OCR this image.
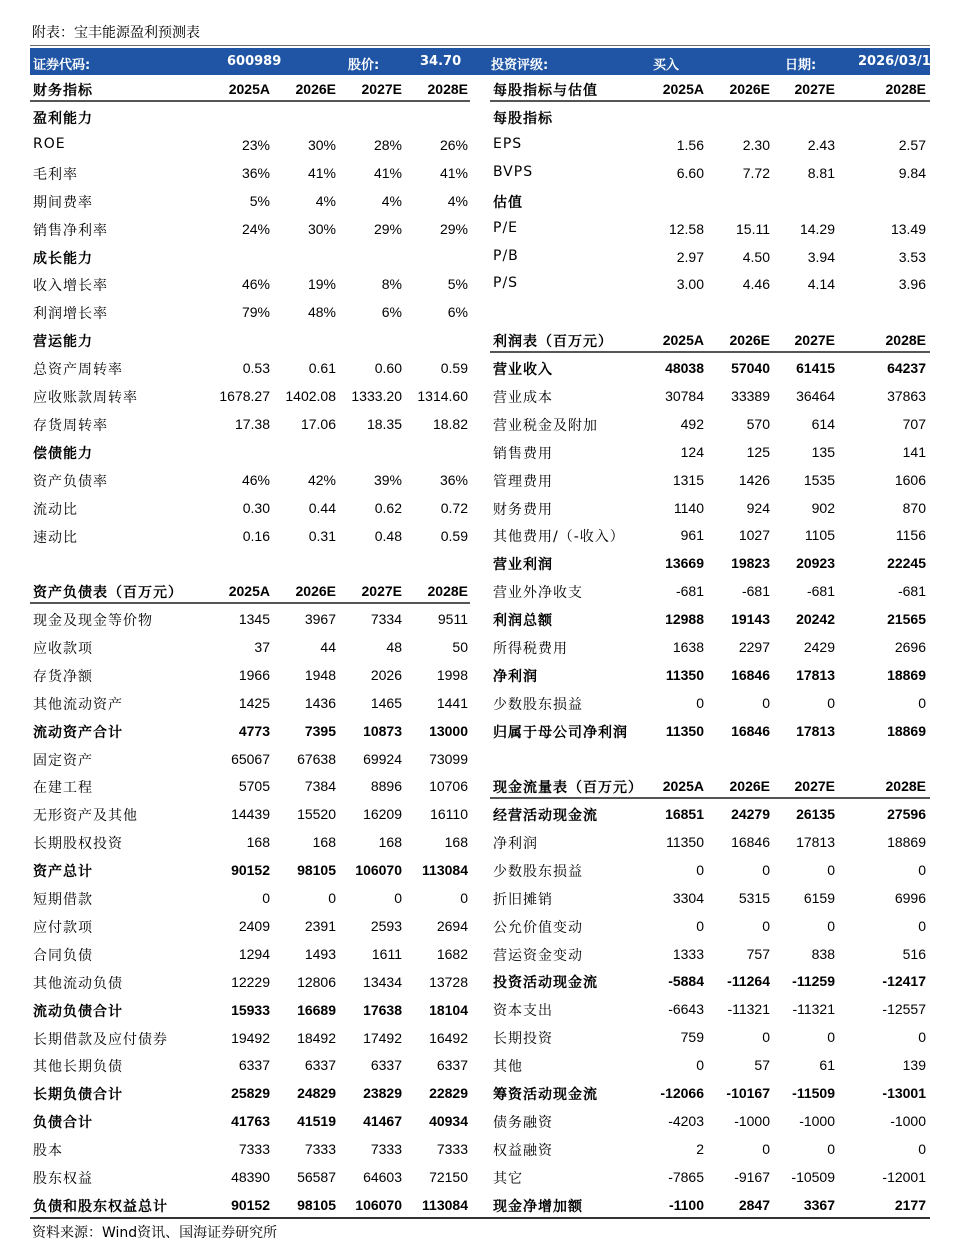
附表：宝丰能源盈利预测表
证券代码:	600989	股价:	34.70 投资评级:	买入	日期:	2026/03/13
财务指标	2025A 2026E 2027E 2028E
盈利能力
ROE	23%	30%	28%	26%
毛利率	36%	41%	41%	41%
期间费率	5%	4%	4%	4%
销售净利率	24%	30%	29%	29%
成长能力
收入增长率	46%	19%	8%	5%
利润增长率	79%	48%	6%	6%
营运能力
总资产周转率	0.53	0.61	0.60	0.59
应收账款周转率	1678.27 1402.08 1333.20 1314.60
存货周转率	17.38 17.06 18.35 18.82
偿债能力
资产负债率	46%	42%	39%	36%
流动比	0.30	0.44	0.62	0.72
速动比	0.16	0.31	0.48	0.59
资产负债表（百万元）	2025A 2026E 2027E 2028E
现金及现金等价物	1345 3967 7334	9511
应收款项	37	44	48	50
存货净额	1966 1948 2026 1998
其他流动资产	1425 1436 1465 1441
流动资产合计	4773 7395 10873 13000
固定资产	65067 67638 69924 73099
在建工程	5705 7384 8896 10706
无形资产及其他	14439 15520 16209 16110
长期股权投资	168	168	168	168
资产总计	90152 98105 106070 113084
短期借款	0	0	0	0
应付款项	2409 2391 2593 2694
合同负债	1294 1493	1611 1682
其他流动负债	12229 12806 13434 13728
流动负债合计	15933 16689 17638 18104
长期借款及应付债券	19492 18492 17492 16492
其他长期负债	6337 6337 6337 6337
长期负债合计	25829 24829 23829 22829
负债合计	41763 41519 41467 40934
股本	7333 7333 7333 7333
股东权益	48390 56587 64603 72150
负债和股东权益总计	90152 98105 106070 113084
每股指标与估值	2025A 2026E 2027E	2028E
每股指标
EPS	1.56	2.30	2.43	2.57
BVPS	6.60	7.72	8.81	9.84
估值
P/E	12.58 15.11 14.29	13.49
P/B	2.97	4.50	3.94	3.53
P/S	3.00	4.46	4.14	3.96
利润表（百万元）	2025A 2026E 2027E	2028E
营业收入	48038 57040 61415	64237
营业成本	30784 33389 36464	37863
营业税金及附加	492	570	614	707
销售费用	124	125	135	141
管理费用	1315 1426 1535	1606
财务费用	1140	924	902	870
其他费用/（-收入）	961 1027 1105	1156
营业利润	13669 19823 20923	22245
营业外净收支	-681	-681	-681	-681
利润总额	12988 19143 20242	21565
所得税费用	1638 2297 2429	2696
净利润	11350 16846 17813	18869
少数股东损益	0	0	0	0
归属于母公司净利润	11350 16846 17813	18869
现金流量表（百万元） 2025A 2026E 2027E	2028E
经营活动现金流	16851 24279 26135	27596
净利润	11350 16846 17813	18869
少数股东损益	0	0	0	0
折旧摊销	3304 5315 6159	6996
公允价值变动	0	0	0	0
营运资金变动	1333	757	838	516
投资活动现金流	-5884 -11264 -11259	-12417
资本支出	-6643 -11321 -11321	-12557
长期投资	759	0	0	0
其他	0	57	61	139
筹资活动现金流	-12066 -10167 -11509	-13001
债务融资	-4203 -1000 -1000	-1000
权益融资	2	0	0	0
其它	-7865 -9167 -10509	-12001
现金净增加额	-1100 2847 3367	2177
资料来源：Wind资讯、国海证券研究所
